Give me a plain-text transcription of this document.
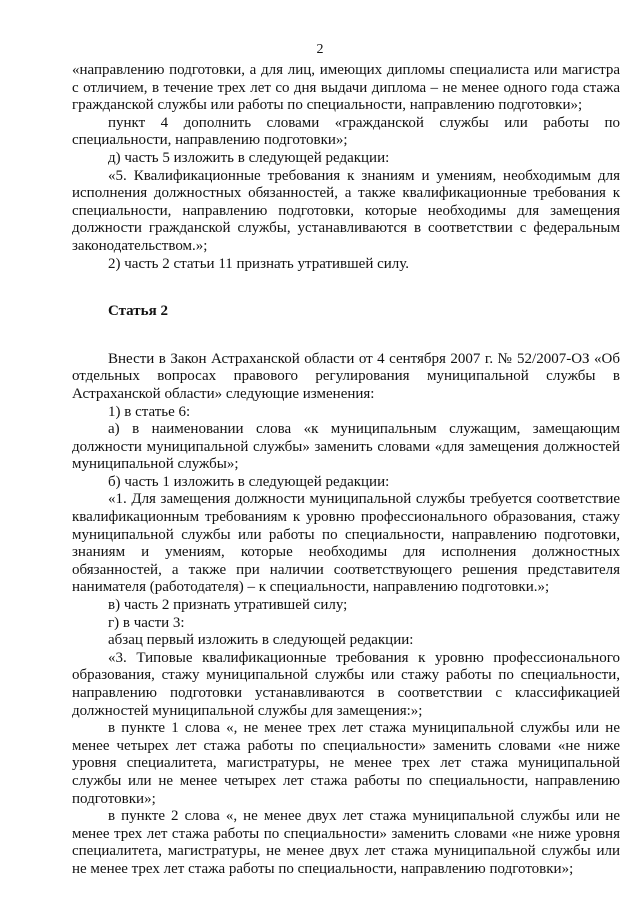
2

«направлению подготовки, а для лиц, имеющих дипломы специалиста или магистра с отличием, в течение трех лет со дня выдачи диплома – не менее одного года стажа гражданской службы или работы по специальности, направлению подготовки»;

пункт 4 дополнить словами «гражданской службы или работы по специальности, направлению подготовки»;

д) часть 5 изложить в следующей редакции:

«5. Квалификационные требования к знаниям и умениям, необходимым для исполнения должностных обязанностей, а также квалификационные требования к специальности, направлению подготовки, которые необходимы для замещения должности гражданской службы, устанавливаются в соответствии с федеральным законодательством.»;

2) часть 2 статьи 11 признать утратившей силу.

Статья 2

Внести в Закон Астраханской области от 4 сентября 2007 г. № 52/2007-ОЗ «Об отдельных вопросах правового регулирования муниципальной службы в Астраханской области» следующие изменения:

1) в статье 6:

а) в наименовании слова «к муниципальным служащим, замещающим должности муниципальной службы» заменить словами «для замещения должностей муниципальной службы»;

б) часть 1 изложить в следующей редакции:

«1. Для замещения должности муниципальной службы требуется соответствие квалификационным требованиям к уровню профессионального образования, стажу муниципальной службы или работы по специальности, направлению подготовки, знаниям и умениям, которые необходимы для исполнения должностных обязанностей, а также при наличии соответствующего решения представителя нанимателя (работодателя) – к специальности, направлению подготовки.»;

в) часть 2 признать утратившей силу;

г) в части 3:

абзац первый изложить в следующей редакции:

«3. Типовые квалификационные требования к уровню профессионального образования, стажу муниципальной службы или стажу работы по специальности, направлению подготовки устанавливаются в соответствии с классификацией должностей муниципальной службы для замещения:»;

в пункте 1 слова «, не менее трех лет стажа муниципальной службы или не менее четырех лет стажа работы по специальности» заменить словами «не ниже уровня специалитета, магистратуры, не менее трех лет стажа муниципальной службы или не менее четырех лет стажа работы по специальности, направлению подготовки»;

в пункте 2 слова «, не менее двух лет стажа муниципальной службы или не менее трех лет стажа работы по специальности» заменить словами «не ниже уровня специалитета, магистратуры, не менее двух лет стажа муниципальной службы или не менее трех лет стажа работы по специальности, направлению подготовки»;
